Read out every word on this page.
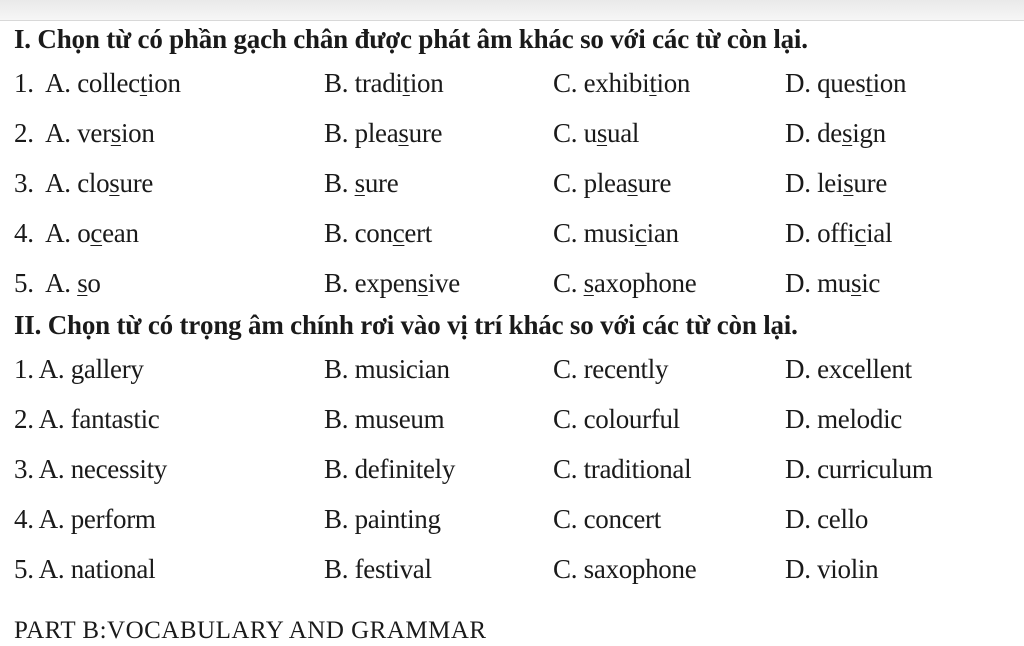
I. Chọn từ có phần gạch chân được phát âm khác so với các từ còn lại.
1. A. collection	B. tradition	C. exhibition	D. question
2. A. version	B. pleasure	C. usual	D. design
3. A. closure	B. sure	C. pleasure	D. leisure
4. A. ocean	B. concert	C. musician	D. official
5. A. so	B. expensive	C. saxophone	D. music
II. Chọn từ có trọng âm chính rơi vào vị trí khác so với các từ còn lại.
1. A. gallery	B. musician	C. recently	D. excellent
2. A. fantastic	B. museum	C. colourful	D. melodic
3. A. necessity	B. definitely	C. traditional	D. curriculum
4. A. perform	B. painting	C. concert	D. cello
5. A. national	B. festival	C. saxophone	D. violin
PART B:VOCABULARY AND GRAMMAR
